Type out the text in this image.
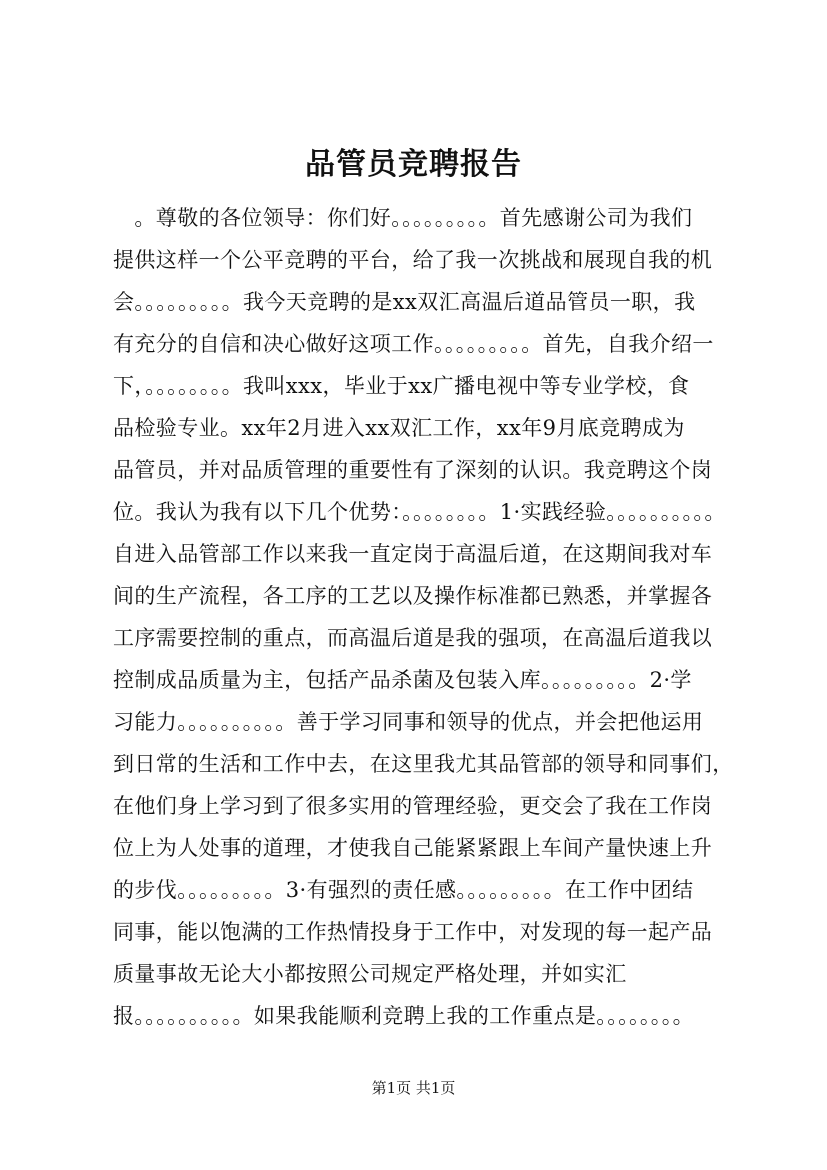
品管员竞聘报告
　。尊敬的各位领导：你们好。。。。。。。。。首先感谢公司为我们
提供这样一个公平竞聘的平台，给了我一次挑战和展现自我的机
会。。。。。。。。。我今天竞聘的是xx双汇高温后道品管员一职，我
有充分的自信和决心做好这项工作。。。。。。。。。首先，自我介绍一
下，。。。。。。。。我叫xxx，毕业于xx广播电视中等专业学校，食
品检验专业。xx年2月进入xx双汇工作，xx年9月底竞聘成为
品管员，并对品质管理的重要性有了深刻的认识。我竞聘这个岗
位。我认为我有以下几个优势：。。。。。。。。1·实践经验。。。。。。。。。。
自进入品管部工作以来我一直定岗于高温后道，在这期间我对车
间的生产流程，各工序的工艺以及操作标准都已熟悉，并掌握各
工序需要控制的重点，而高温后道是我的强项，在高温后道我以
控制成品质量为主，包括产品杀菌及包装入库。。。。。。。。。2·学
习能力。。。。。。。。。。善于学习同事和领导的优点，并会把他运用
到日常的生活和工作中去，在这里我尤其品管部的领导和同事们，
在他们身上学习到了很多实用的管理经验，更交会了我在工作岗
位上为人处事的道理，才使我自己能紧紧跟上车间产量快速上升
的步伐。。。。。。。。。3·有强烈的责任感。。。。。。。。。在工作中团结
同事，能以饱满的工作热情投身于工作中，对发现的每一起产品
质量事故无论大小都按照公司规定严格处理，并如实汇
报。。。。。。。。。。如果我能顺利竞聘上我的工作重点是。。。。。。。。
第1页 共1页
